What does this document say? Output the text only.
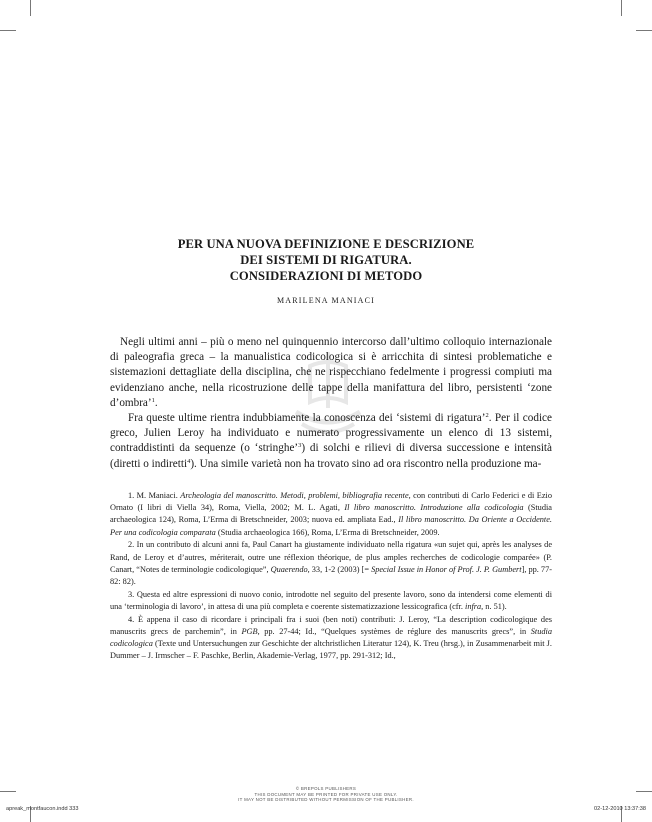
PER UNA NUOVA DEFINIZIONE E DESCRIZIONE
DEI SISTEMI DI RIGATURA.
CONSIDERAZIONI DI METODO
MARILENA MANIACI

Negli ultimi anni – più o meno nel quinquennio intercorso dall’ultimo colloquio internazionale di paleografia greca – la manualistica codicologica si è arricchita di sintesi problematiche e sistemazioni dettagliate della disciplina, che ne rispecchiano fedelmente i progressi compiuti ma evidenziano anche, nella ricostruzione delle tappe della manifattura del libro, persistenti ‘zone d’ombra’$^1$.

Fra queste ultime rientra indubbiamente la conoscenza dei ‘sistemi di rigatura’$^2$. Per il codice greco, Julien Leroy ha individuato e numerato progressivamente un elenco di 13 sistemi, contraddistinti da sequenze (o ‘stringhe’$^3$) di solchi e rilievi di diversa successione e intensità (diretti o indiretti$^4$). Una simile varietà non ha trovato sino ad ora riscontro nella produzione ma-

1. M. Maniaci. Archeologia del manoscritto. Metodi, problemi, bibliografia recente, con contributi di Carlo Federici e di Ezio Ornato (I libri di Viella 34), Roma, Viella, 2002; M. L. Agati, Il libro manoscritto. Introduzione alla codicologia (Studia archaeologica 124), Roma, L’Erma di Bretschneider, 2003; nuova ed. ampliata Ead., Il libro manoscritto. Da Oriente a Occidente. Per una codicologia comparata (Studia archaeologica 166), Roma, L’Erma di Bretschneider, 2009.

2. In un contributo di alcuni anni fa, Paul Canart ha giustamente individuato nella rigatura «un sujet qui, après les analyses de Rand, de Leroy et d’autres, mériterait, outre une réflexion théorique, de plus amples recherches de codicologie comparée» (P. Canart, “Notes de terminologie codicologique”, Quaerendo, 33, 1-2 (2003) [= Special Issue in Honor of Prof. J. P. Gumbert], pp. 77-82: 82).

3. Questa ed altre espressioni di nuovo conio, introdotte nel seguito del presente lavoro, sono da intendersi come elementi di una ‘terminologia di lavoro’, in attesa di una più completa e coerente sistematizzazione lessicografica (cfr. infra, n. 51).

4. È appena il caso di ricordare i principali fra i suoi (ben noti) contributi: J. Leroy, “La description codicologique des manuscrits grecs de parchemin”, in PGB, pp. 27-44; Id., “Quelques systèmes de réglure des manuscrits grecs”, in Studia codicologica (Texte und Untersuchungen zur Geschichte der altchristlichen Literatur 124), K. Treu (hrsg.), in Zusammenarbeit mit J. Dummer – J. Irmscher – F. Paschke, Berlin, Akademie-Verlag, 1977, pp. 291-312; Id.,

© BREPOLS PUBLISHERS
THIS DOCUMENT MAY BE PRINTED FOR PRIVATE USE ONLY.
IT MAY NOT BE DISTRIBUTED WITHOUT PERMISSION OF THE PUBLISHER.
apreak_montfaucon.indd 333	02-12-2010 13:37:38
